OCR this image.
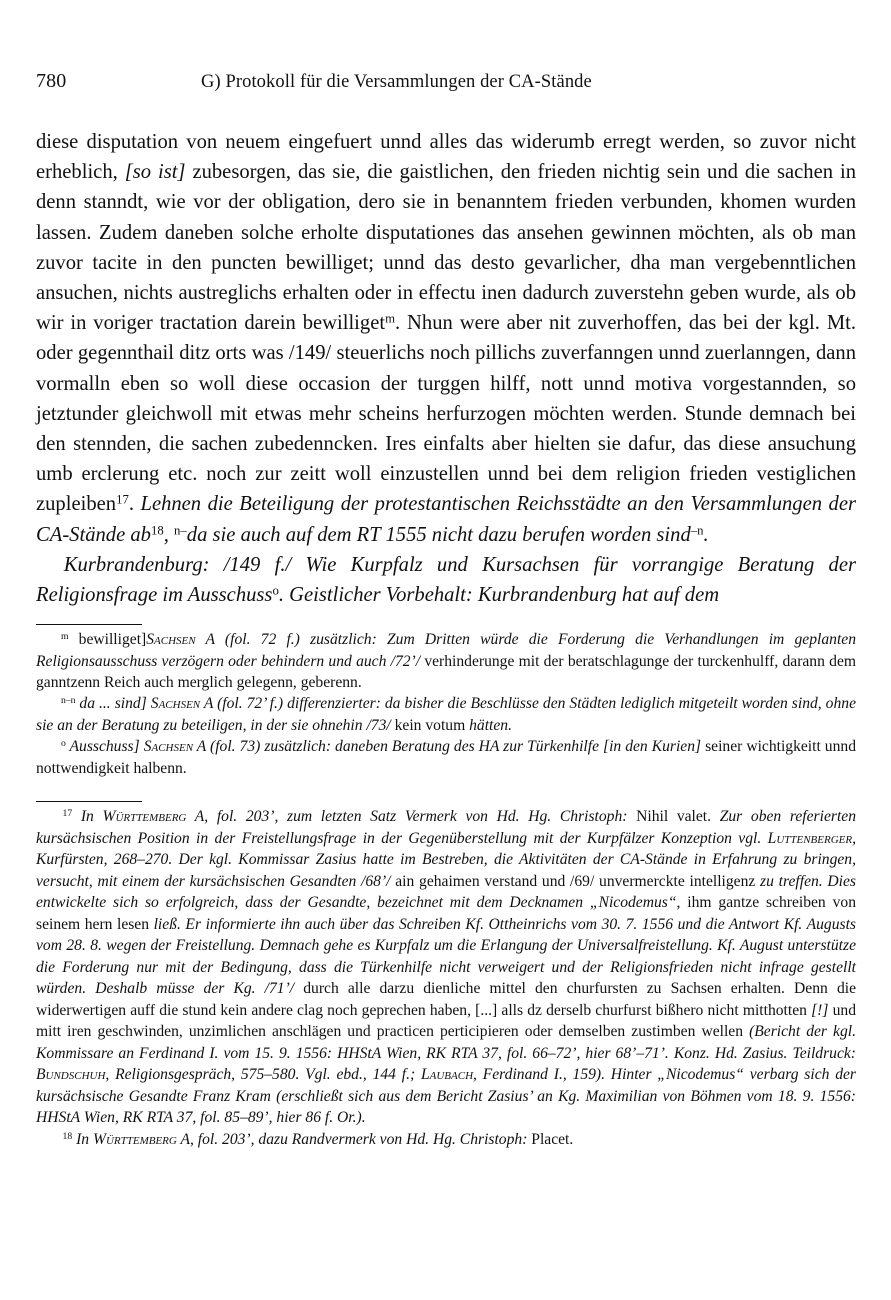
780	G) Protokoll für die Versammlungen der CA-Stände

diese disputation von neuem eingefuert unnd alles das widerumb erregt werden, so zuvor nicht erheblich, [so ist] zubesorgen, das sie, die gaistlichen, den frieden nichtig sein und die sachen in denn stanndt, wie vor der obligation, dero sie in benanntem frieden verbunden, khomen wurden lassen. Zudem daneben solche erholte disputationes das ansehen gewinnen möchten, als ob man zuvor tacite in den puncten bewilliget; unnd das desto gevarlicher, dha man vergebenntlichen ansuchen, nichts austreglichs erhalten oder in effectu inen dadurch zuverstehn geben wurde, als ob wir in voriger tractation darein bewilliget$^m$. Nhun were aber nit zuverhoffen, das bei der kgl. Mt. oder gegennthail ditz orts was /149/ steuerlichs noch pillichs zuverfanngen unnd zuerlanngen, dann vormalln eben so woll diese occasion der turggen hilff, nott unnd motiva vorgestannden, so jetztunder gleichwoll mit etwas mehr scheins herfurzogen möchten werden. Stunde demnach bei den stennden, die sachen zubedenncken. Ires einfalts aber hielten sie dafur, das diese ansuchung umb erclerung etc. noch zur zeitt woll einzustellen unnd bei dem religion frieden vestiglichen zupleiben$^{17}$. Lehnen die Beteiligung der protestantischen Reichsstädte an den Versammlungen der CA-Stände $ab^{18}$, $^{n-}$da sie auch auf dem RT 1555 nicht dazu berufen worden sind$^{-n}$.

Kurbrandenburg: /149 f./ Wie Kurpfalz und Kursachsen für vorrangige Beratung der Religionsfrage im Ausschuss$^o$. Geistlicher Vorbehalt: Kurbrandenburg hat auf dem

$^m$ bewilliget]Sachsen A (fol. 72 f.) zusätzlich: Zum Dritten würde die Forderung die Verhandlungen im geplanten Religionsausschuss verzögern oder behindern und auch /72’/ verhinderunge mit der beratschlagunge der turckenhulff, darann dem ganntzenn Reich auch merglich gelegenn, geberenn.

$^{n-n}$ da ... sind] Sachsen A (fol. 72’ f.) differenzierter: da bisher die Beschlüsse den Städten lediglich mitgeteilt worden sind, ohne sie an der Beratung zu beteiligen, in der sie ohnehin /73/ kein votum hätten.

$^o$ Ausschuss] Sachsen A (fol. 73) zusätzlich: daneben Beratung des HA zur Türkenhilfe [in den Kurien] seiner wichtigkeitt unnd nottwendigkeit halbenn.

$^{17}$ In Württemberg A, fol. 203’, zum letzten Satz Vermerk von Hd. Hg. Christoph: Nihil valet. Zur oben referierten kursächsischen Position in der Freistellungsfrage in der Gegenüberstellung mit der Kurpfälzer Konzeption vgl. Luttenberger, Kurfürsten, 268–270. Der kgl. Kommissar Zasius hatte im Bestreben, die Aktivitäten der CA-Stände in Erfahrung zu bringen, versucht, mit einem der kursächsischen Gesandten /68’/ ain gehaimen verstand und /69/ unvermerckte intelligenz zu treffen. Dies entwickelte sich so erfolgreich, dass der Gesandte, bezeichnet mit dem Decknamen „Nicodemus“, ihm gantze schreiben von seinem hern lesen ließ. Er informierte ihn auch über das Schreiben Kf. Ottheinrichs vom 30. 7. 1556 und die Antwort Kf. Augusts vom 28. 8. wegen der Freistellung. Demnach gehe es Kurpfalz um die Erlangung der Universalfreistellung. Kf. August unterstütze die Forderung nur mit der Bedingung, dass die Türkenhilfe nicht verweigert und der Religionsfrieden nicht infrage gestellt würden. Deshalb müsse der Kg. /71’/ durch alle darzu dienliche mittel den churfursten zu Sachsen erhalten. Denn die widerwertigen auff die stund kein andere clag noch geprechen haben, [...] alls dz derselb churfurst bißhero nicht mitthotten [!] und mitt iren geschwinden, unzimlichen anschlägen und practicen perticipieren oder demselben zustimben wellen (Bericht der kgl. Kommissare an Ferdinand I. vom 15. 9. 1556: HHStA Wien, RK RTA 37, fol. 66–72’, hier 68’–71’. Konz. Hd. Zasius. Teildruck: Bundschuh, Religionsgespräch, 575–580. Vgl. ebd., 144 f.; Laubach, Ferdinand I., 159). Hinter „Nicodemus“ verbarg sich der kursächsische Gesandte Franz Kram (erschließt sich aus dem Bericht Zasius’ an Kg. Maximilian von Böhmen vom 18. 9. 1556: HHStA Wien, RK RTA 37, fol. 85–89’, hier 86 f. Or.).

$^{18}$ In Württemberg A, fol. 203’, dazu Randvermerk von Hd. Hg. Christoph: Placet.
